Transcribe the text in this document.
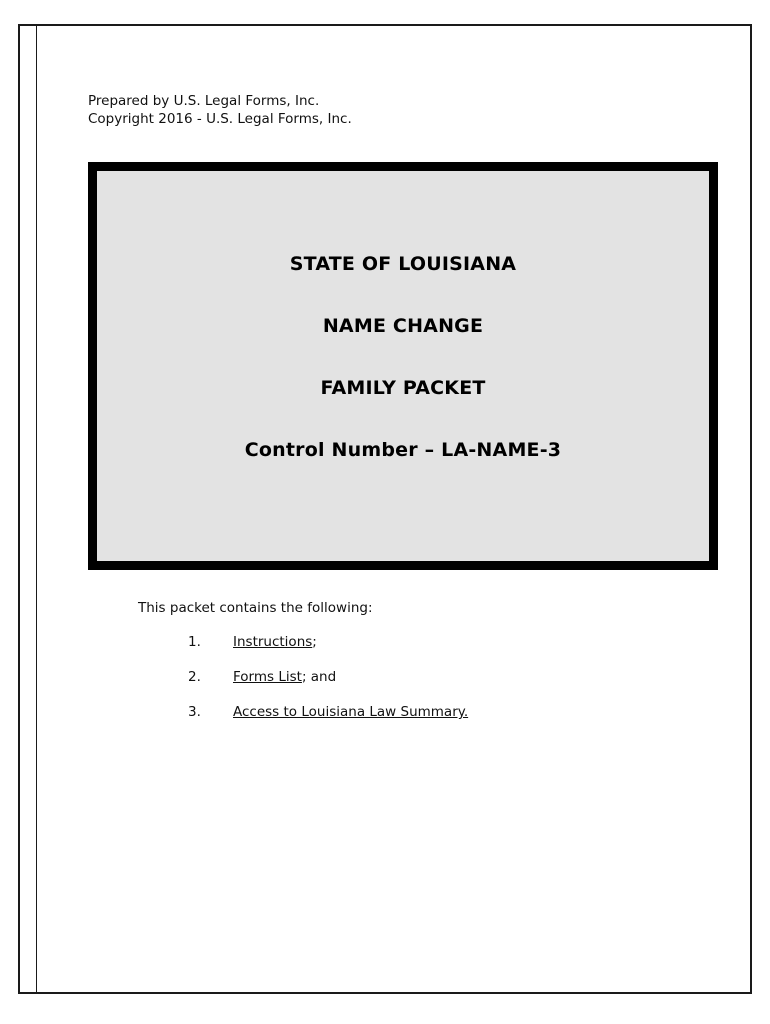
Prepared by U.S. Legal Forms, Inc.
Copyright 2016 - U.S. Legal Forms, Inc.
STATE OF LOUISIANA
NAME CHANGE
FAMILY PACKET
Control Number – LA-NAME-3
This packet contains the following:
1.	Instructions;
2.	Forms List; and
3.	Access to Louisiana Law Summary.
